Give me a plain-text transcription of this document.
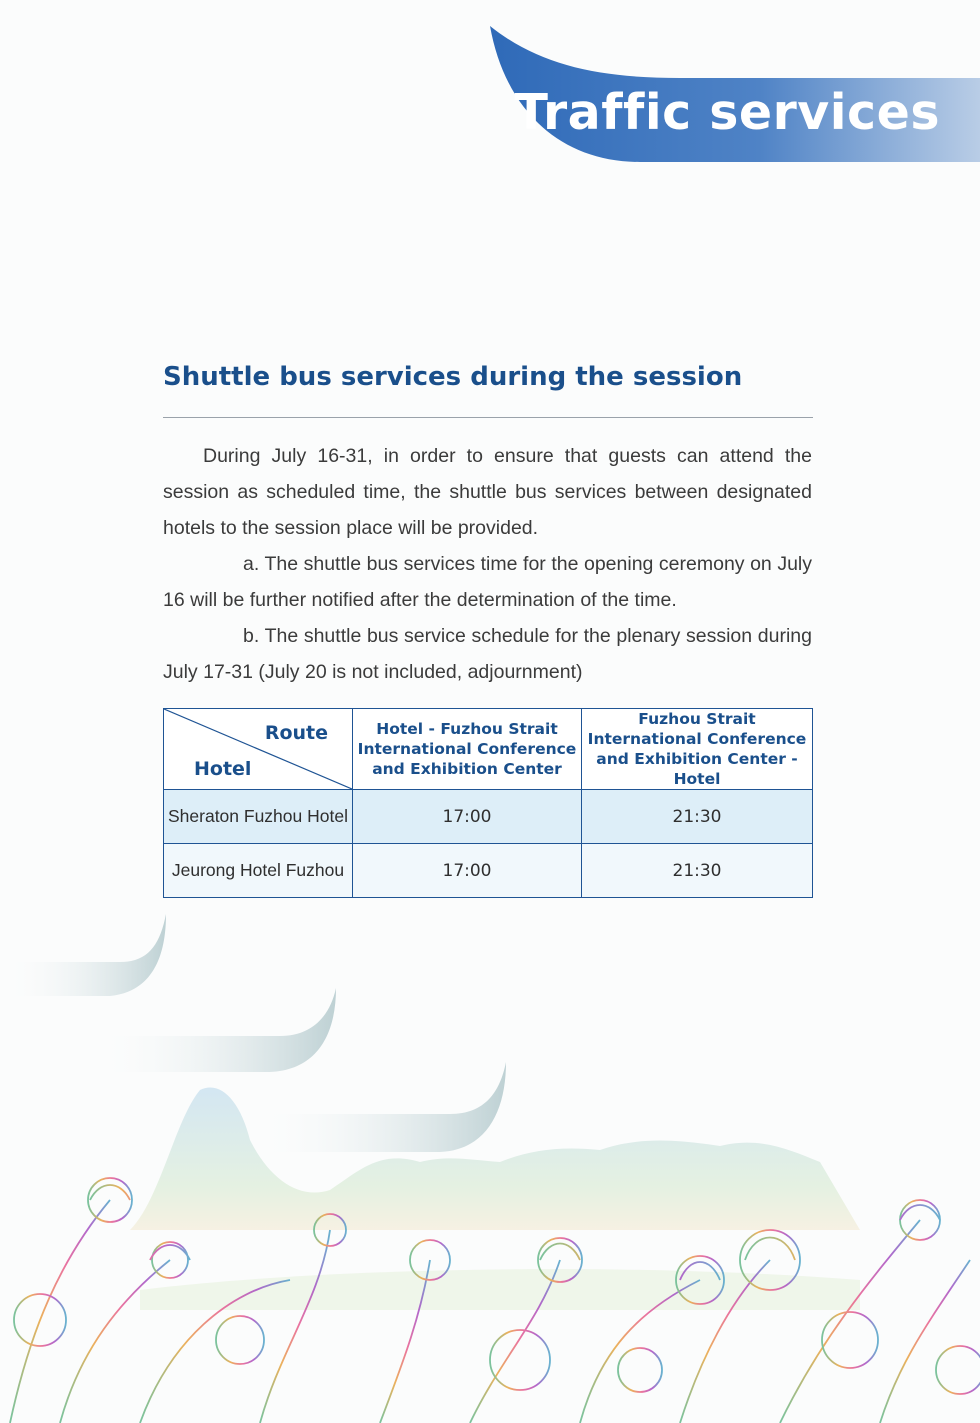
Traffic services
Shuttle bus services during the session

During July 16-31, in order to ensure that guests can attend the session as scheduled time, the shuttle bus services between designated hotels to the session place will be provided.

a. The shuttle bus services time for the opening ceremony on July 16 will be further notified after the determination of the time.

b. The shuttle bus service schedule for the plenary session during July 17-31 (July 20 is not included, adjournment)

Route
Hotel	Hotel - Fuzhou Strait International Conference and Exhibition Center	Fuzhou Strait International Conference and Exhibition Center - Hotel
Sheraton Fuzhou Hotel	17:00	21:30
Jeurong Hotel Fuzhou	17:00	21:30
